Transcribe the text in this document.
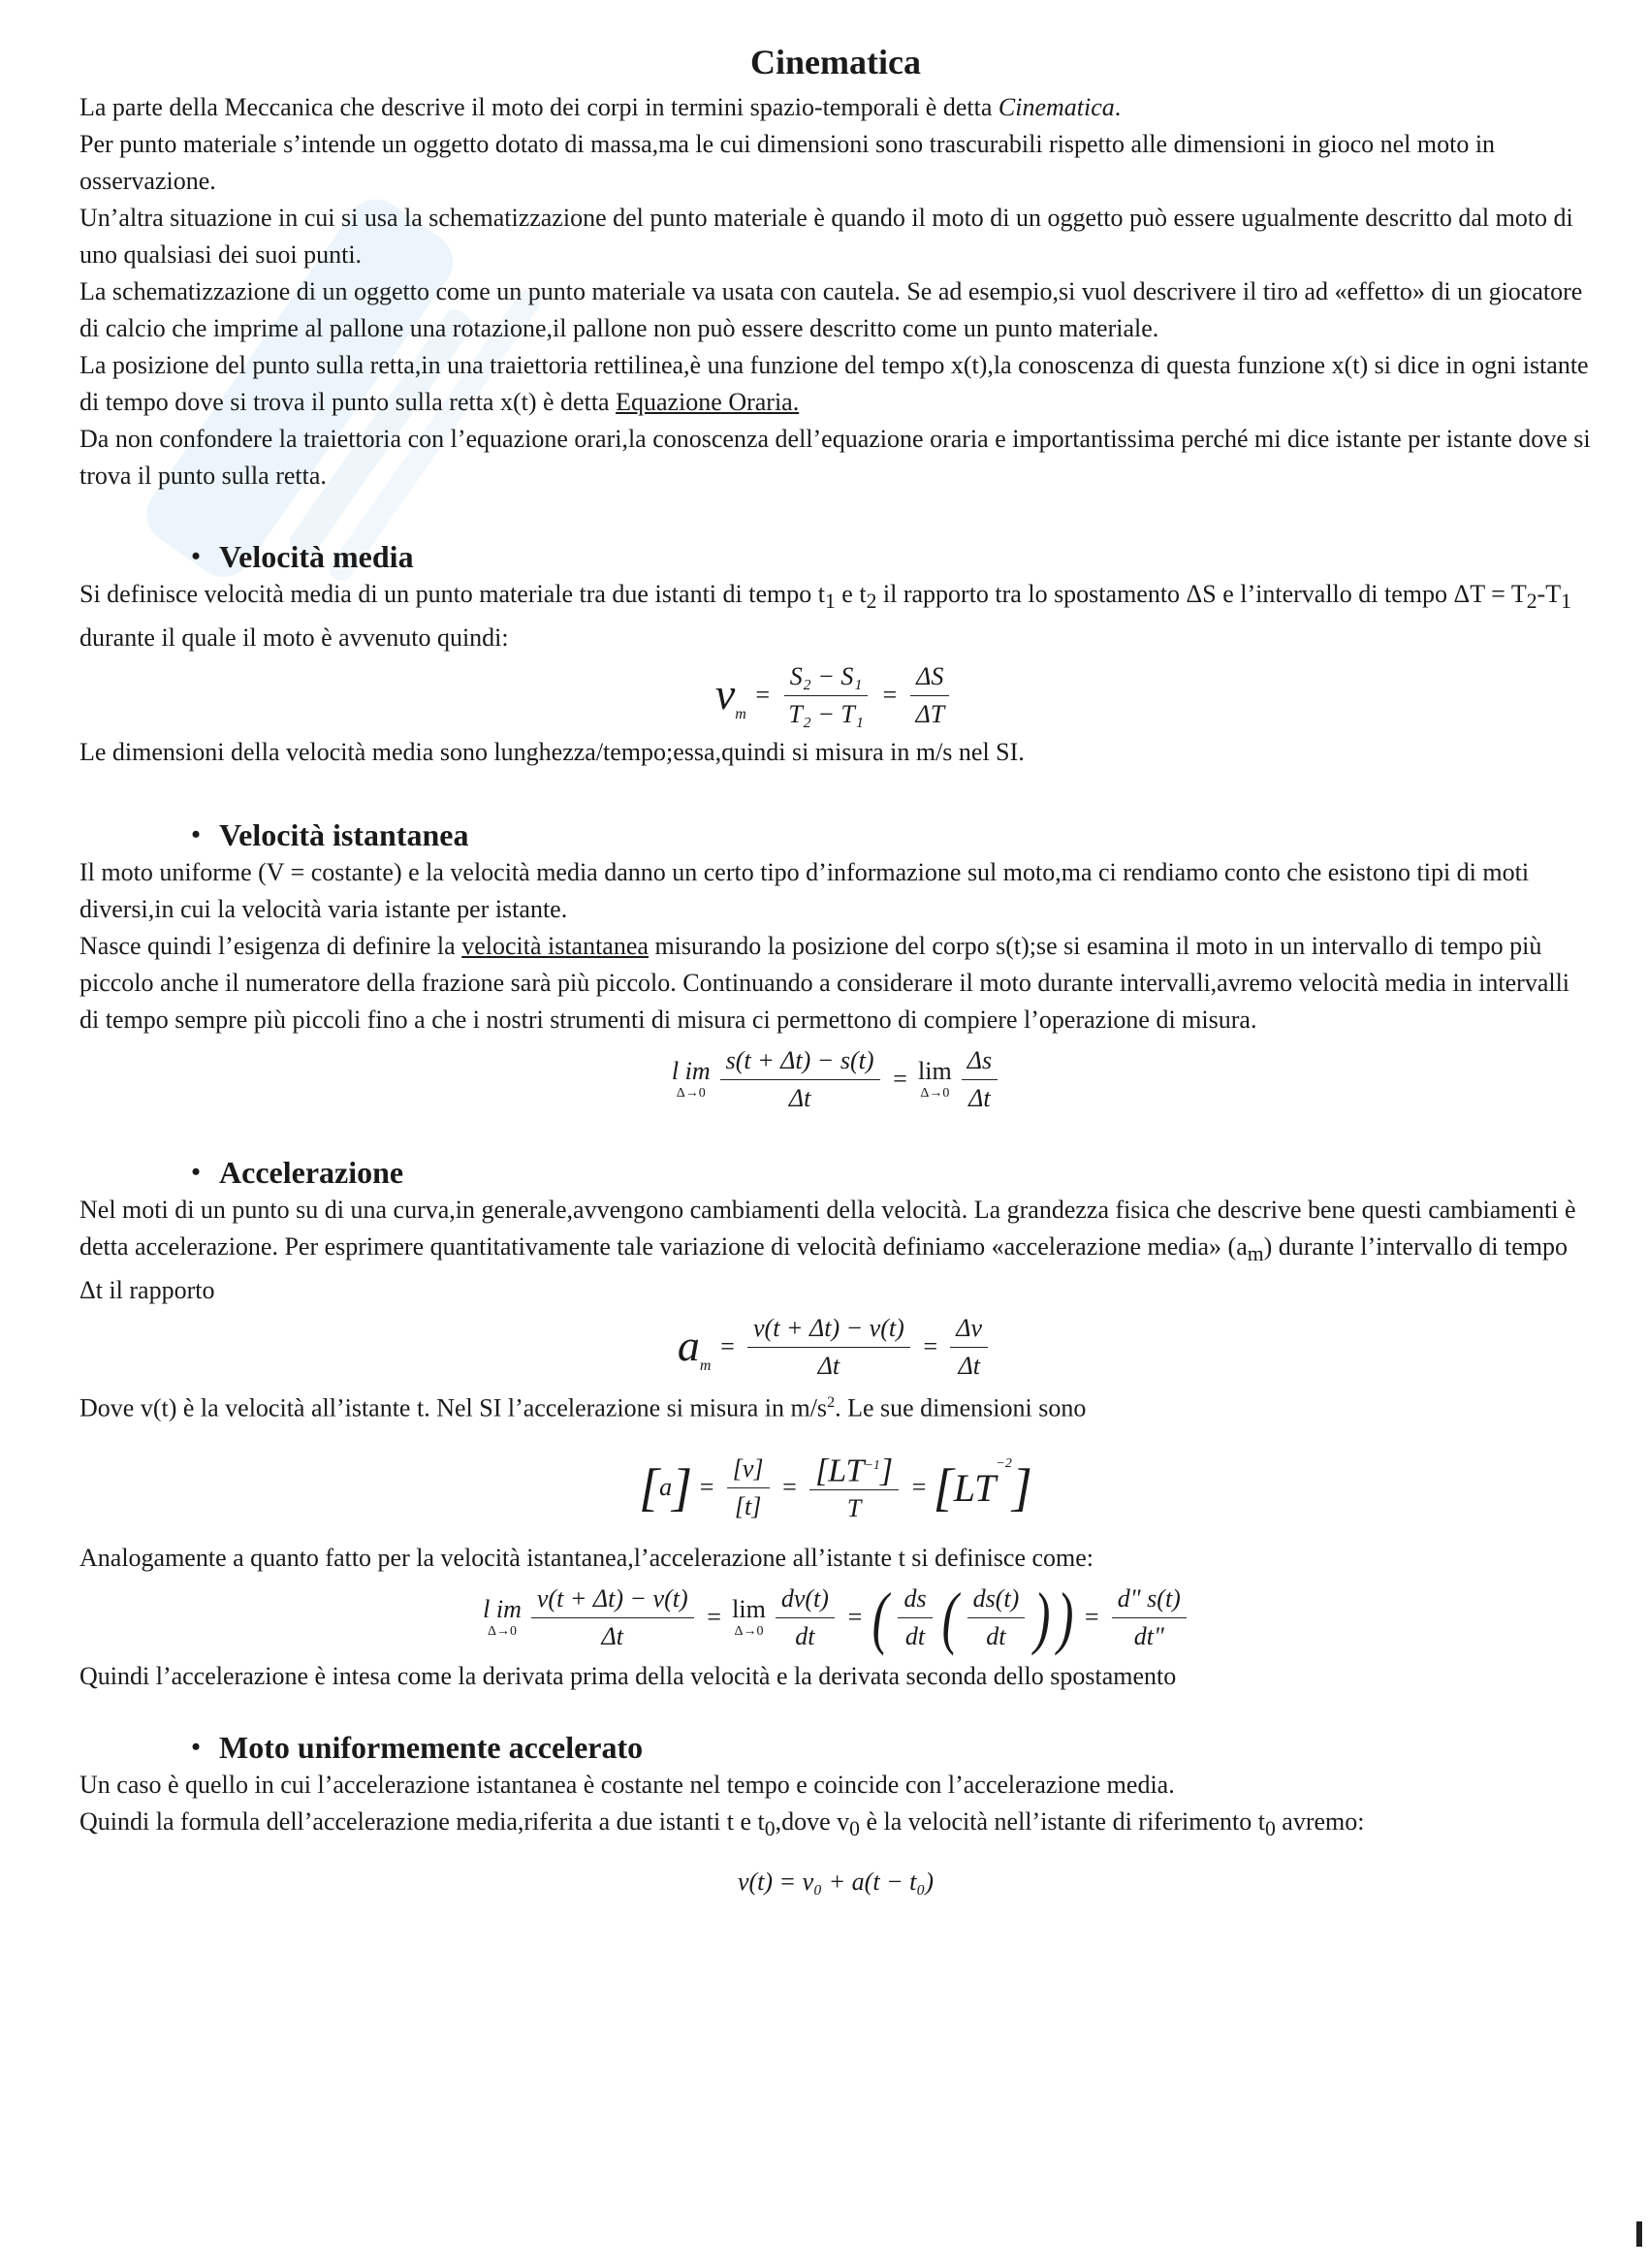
Cinematica

La parte della Meccanica che descrive il moto dei corpi in termini spazio-temporali è detta Cinematica.

Per punto materiale s’intende un oggetto dotato di massa,ma le cui dimensioni sono trascurabili rispetto alle dimensioni in gioco nel moto in osservazione.

Un’altra situazione in cui si usa la schematizzazione del punto materiale è quando il moto di un oggetto può essere ugualmente descritto dal moto di uno qualsiasi dei suoi punti.

La schematizzazione di un oggetto come un punto materiale va usata con cautela. Se ad esempio,si vuol descrivere il tiro ad «effetto» di un giocatore di calcio che imprime al pallone una rotazione,il pallone non può essere descritto come un punto materiale.

La posizione del punto sulla retta,in una traiettoria rettilinea,è una funzione del tempo x(t),la conoscenza di questa funzione x(t) si dice in ogni istante di tempo dove si trova il punto sulla retta x(t) è detta Equazione Oraria.

Da non confondere la traiettoria con l’equazione orari,la conoscenza dell’equazione oraria e importantissima perché mi dice istante per istante dove si trova il punto sulla retta.

• Velocità media

Si definisce velocità media di un punto materiale tra due istanti di tempo $t_1$ e $t_2$ il rapporto tra lo spostamento ΔS e l’intervallo di tempo $\Delta T = T_2-T_1$ durante il quale il moto è avvenuto quindi:

$v_m$
= $\frac{\text{S₂ − S₁}}{\text{T₂ − T₁}} = \frac{\Delta S}{\Delta T}$

Le dimensioni della velocità media sono lunghezza/tempo;essa,quindi si misura in m/s nel SI.

• Velocità istantanea

Il moto uniforme (V = costante) e la velocità media danno un certo tipo d’informazione sul moto,ma ci rendiamo conto che esistono tipi di moti diversi,in cui la velocità varia istante per istante.

Nasce quindi l’esigenza di definire la velocità istantanea misurando la posizione del corpo s(t);se si esamina il moto in un intervallo di tempo più piccolo anche il numeratore della frazione sarà più piccolo. Continuando a considerare il moto durante intervalli,avremo velocità media in intervalli di tempo sempre più piccoli fino a che i nostri strumenti di misura ci permettono di compiere l’operazione di misura.

l im
$\Delta\to 0 \frac{s(t + \Delta t) - s(t)}{\Delta t} = \lim$
$\Delta\to 0 \frac{\Delta s}{\Delta t}$
• Accelerazione

Nel moti di un punto su di una curva,in generale,avvengono cambiamenti della velocità. La grandezza fisica che descrive bene questi cambiamenti è detta accelerazione. Per esprimere quantitativamente tale variazione di velocità definiamo «accelerazione media» $(a_m)$ durante l’intervallo di tempo Δt il rapporto

$a_m$
= $\frac{v(t + \Delta t) - v(t)}{\Delta t} = \frac{\Delta v}{\Delta t}$

Dove v(t) è la velocità all’istante t. Nel SI l’accelerazione si misura in $m/s^2$. Le sue dimensioni sono

[ a ] = $\frac{[v]}{[t]} = \frac{[LT^{-1}]}{T}$ = [ LT
$^{-2}$ ]

Analogamente a quanto fatto per la velocità istantanea,l’accelerazione all’istante t si definisce come:

l im
$\Delta\to 0 \frac{v(t + \Delta t) - v(t)}{\Delta t} = \lim$
$\Delta\to 0 \frac{dv(t)}{dt}$ = ( $\frac{ds}{dt}$ ( $\frac{ds(t)}{dt}$ ) ) = $\frac{d" s(t)}{dt"}$

Quindi l’accelerazione è intesa come la derivata prima della velocità e la derivata seconda dello spostamento

• Moto uniformemente accelerato

Un caso è quello in cui l’accelerazione istantanea è costante nel tempo e coincide con l’accelerazione media.

Quindi la formula dell’accelerazione media,riferita a due istanti t e $t_0,dove$ $v_0$ è la velocità nell’istante di riferimento $t_0$ avremo:

v(t) = v₀ + a(t − t₀)
